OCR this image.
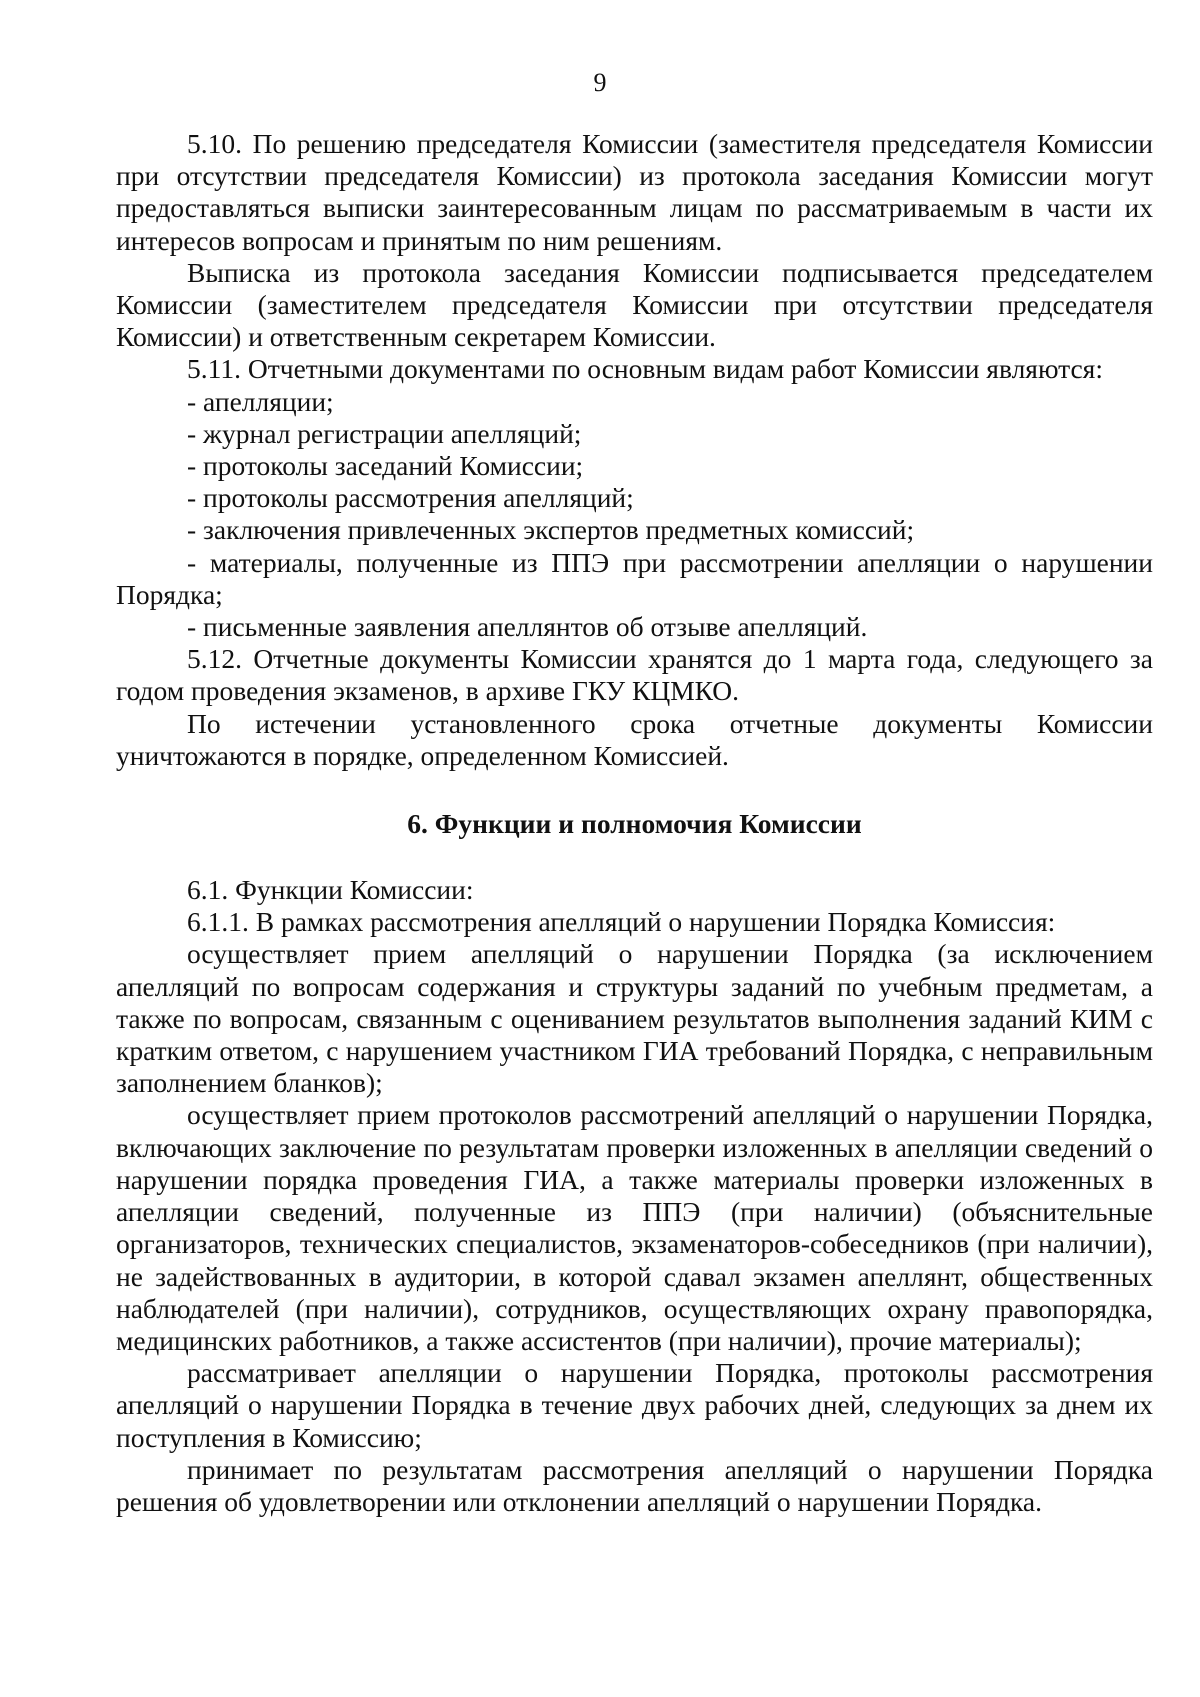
9

5.10. По решению председателя Комиссии (заместителя председателя Комиссии при отсутствии председателя Комиссии) из протокола заседания Комиссии могут предоставляться выписки заинтересованным лицам по рассматриваемым в части их интересов вопросам и принятым по ним решениям.

Выписка из протокола заседания Комиссии подписывается председателем Комиссии (заместителем председателя Комиссии при отсутствии председателя Комиссии) и ответственным секретарем Комиссии.

5.11. Отчетными документами по основным видам работ Комиссии являются:

- апелляции;

- журнал регистрации апелляций;

- протоколы заседаний Комиссии;

- протоколы рассмотрения апелляций;

- заключения привлеченных экспертов предметных комиссий;

- материалы, полученные из ППЭ при рассмотрении апелляции о нарушении Порядка;

- письменные заявления апеллянтов об отзыве апелляций.

5.12. Отчетные документы Комиссии хранятся до 1 марта года, следующего за годом проведения экзаменов, в архиве ГКУ КЦМКО.

По истечении установленного срока отчетные документы Комиссии уничтожаются в порядке, определенном Комиссией.

6. Функции и полномочия Комиссии

6.1. Функции Комиссии:

6.1.1. В рамках рассмотрения апелляций о нарушении Порядка Комиссия:

осуществляет прием апелляций о нарушении Порядка (за исключением апелляций по вопросам содержания и структуры заданий по учебным предметам, а также по вопросам, связанным с оцениванием результатов выполнения заданий КИМ с кратким ответом, с нарушением участником ГИА требований Порядка, с неправильным заполнением бланков);

осуществляет прием протоколов рассмотрений апелляций о нарушении Порядка, включающих заключение по результатам проверки изложенных в апелляции сведений о нарушении порядка проведения ГИА, а также материалы проверки изложенных в апелляции сведений, полученные из ППЭ (при наличии) (объяснительные организаторов, технических специалистов, экзаменаторов-собеседников (при наличии), не задействованных в аудитории, в которой сдавал экзамен апеллянт, общественных наблюдателей (при наличии), сотрудников, осуществляющих охрану правопорядка, медицинских работников, а также ассистентов (при наличии), прочие материалы);

рассматривает апелляции о нарушении Порядка, протоколы рассмотрения апелляций о нарушении Порядка в течение двух рабочих дней, следующих за днем их поступления в Комиссию;

принимает по результатам рассмотрения апелляций о нарушении Порядка решения об удовлетворении или отклонении апелляций о нарушении Порядка.
